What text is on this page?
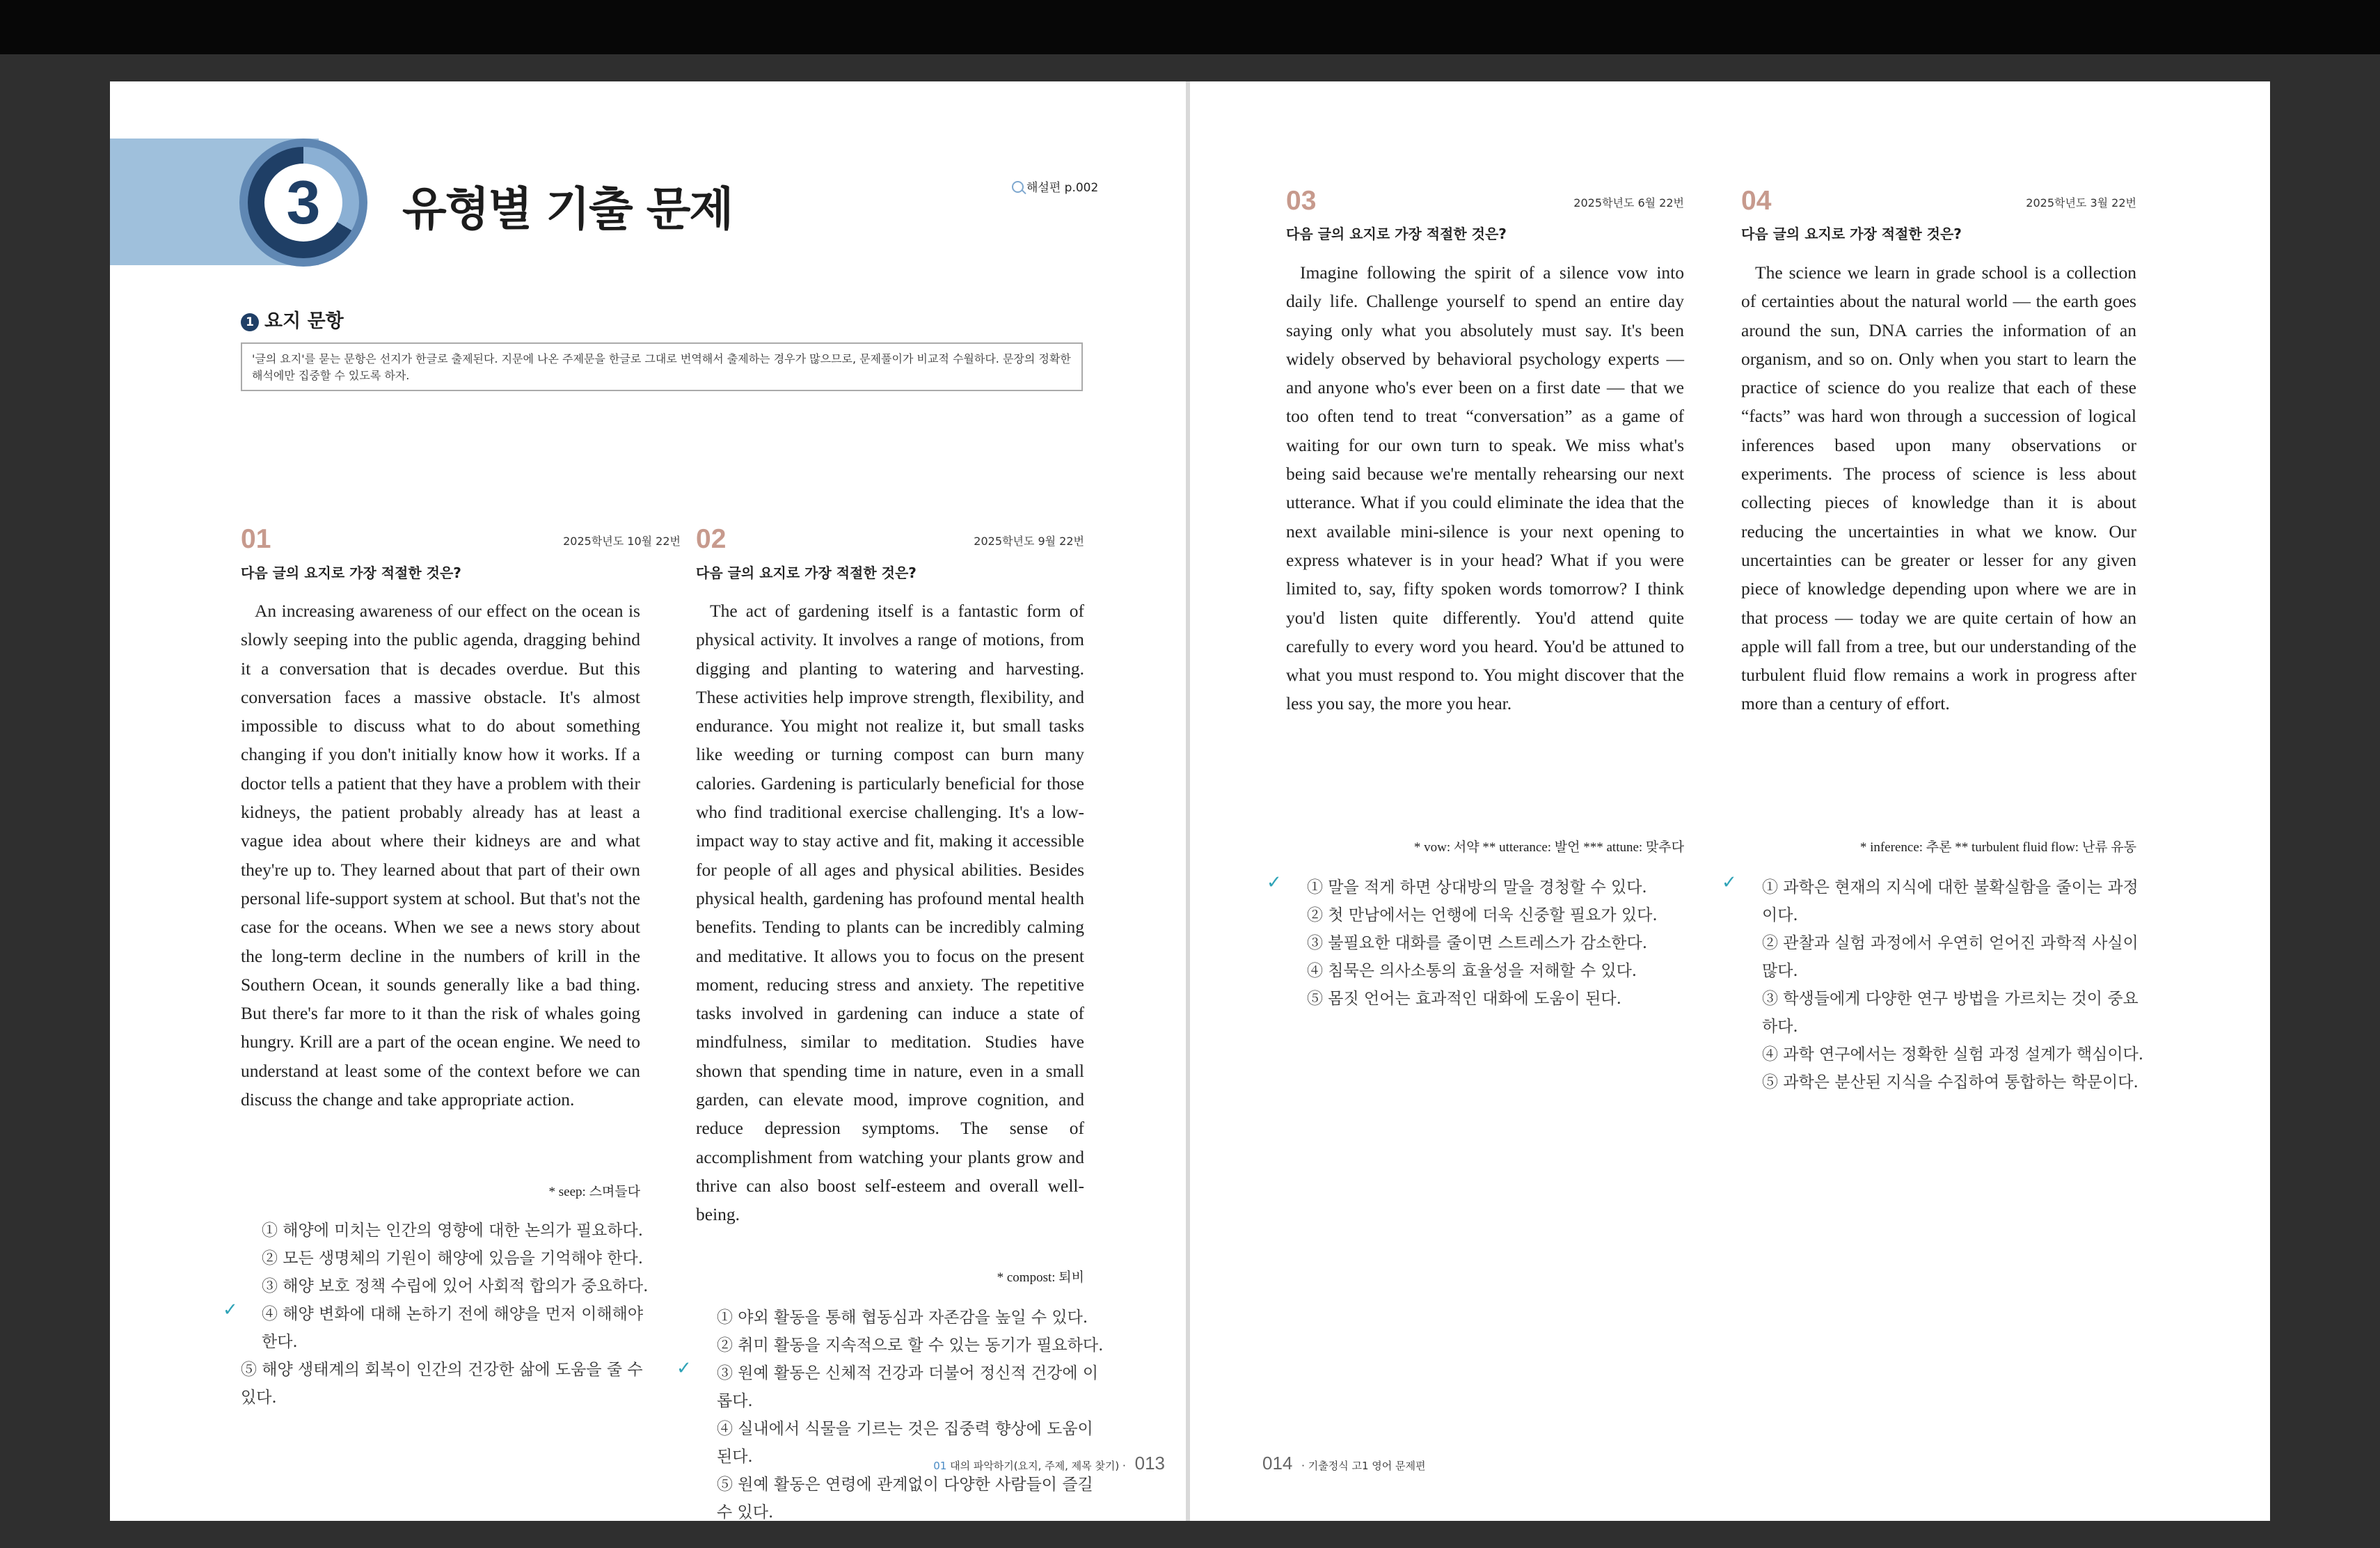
3	유형별 기출 문제	해설편 p.002
1 요지 문항
'글의 요지'를 묻는 문항은 선지가 한글로 출제된다. 지문에 나온 주제문을 한글로 그대로 번역해서 출제하는 경우가 많으므로, 문제풀이가 비교적 수월하다. 문장의 정확한 해석에만 집중할 수 있도록 하자.
01	2025학년도 10월 22번
다음 글의 요지로 가장 적절한 것은?

An increasing awareness of our effect on the ocean is slowly seeping into the public agenda, dragging behind it a conversation that is decades overdue. But this conversation faces a massive obstacle. It's almost impossible to discuss what to do about something changing if you don't initially know how it works. If a doctor tells a patient that they have a problem with their kidneys, the patient probably already has at least a vague idea about where their kidneys are and what they're up to. They learned about that part of their own personal life-support system at school. But that's not the case for the oceans. When we see a news story about the long-term decline in the numbers of krill in the Southern Ocean, it sounds generally like a bad thing. But there's far more to it than the risk of whales going hungry. Krill are a part of the ocean engine. We need to understand at least some of the context before we can discuss the change and take appropriate action.

* seep: 스며들다
① 해양에 미치는 인간의 영향에 대한 논의가 필요하다.
② 모든 생명체의 기원이 해양에 있음을 기억해야 한다.
③ 해양 보호 정책 수립에 있어 사회적 합의가 중요하다.
④ 해양 변화에 대해 논하기 전에 해양을 먼저 이해해야 한다.
⑤ 해양 생태계의 회복이 인간의 건강한 삶에 도움을 줄 수 있다.
✓
02	2025학년도 9월 22번
다음 글의 요지로 가장 적절한 것은?

The act of gardening itself is a fantastic form of physical activity. It involves a range of motions, from digging and planting to watering and harvesting. These activities help improve strength, flexibility, and endurance. You might not realize it, but small tasks like weeding or turning compost can burn many calories. Gardening is particularly beneficial for those who find traditional exercise challenging. It's a low-impact way to stay active and fit, making it accessible for people of all ages and physical abilities. Besides physical health, gardening has profound mental health benefits. Tending to plants can be incredibly calming and meditative. It allows you to focus on the present moment, reducing stress and anxiety. The repetitive tasks involved in gardening can induce a state of mindfulness, similar to meditation. Studies have shown that spending time in nature, even in a small garden, can elevate mood, improve cognition, and reduce depression symptoms. The sense of accomplishment from watching your plants grow and thrive can also boost self-esteem and overall well-being.

* compost: 퇴비
① 야외 활동을 통해 협동심과 자존감을 높일 수 있다.
② 취미 활동을 지속적으로 할 수 있는 동기가 필요하다.
③ 원예 활동은 신체적 건강과 더불어 정신적 건강에 이롭다.
④ 실내에서 식물을 기르는 것은 집중력 향상에 도움이 된다.
⑤ 원예 활동은 연령에 관계없이 다양한 사람들이 즐길 수 있다.
✓
01 대의 파악하기(요지, 주제, 제목 찾기) · 013
03	2025학년도 6월 22번
다음 글의 요지로 가장 적절한 것은?

Imagine following the spirit of a silence vow into daily life. Challenge yourself to spend an entire day saying only what you absolutely must say. It's been widely observed by behavioral psychology experts — and anyone who's ever been on a first date — that we too often tend to treat “conversation” as a game of waiting for our own turn to speak. We miss what's being said because we're mentally rehearsing our next utterance. What if you could eliminate the idea that the next available mini-silence is your next opening to express whatever is in your head? What if you were limited to, say, fifty spoken words tomorrow? I think you'd listen quite differently. You'd attend quite carefully to every word you heard. You'd be attuned to what you must respond to. You might discover that the less you say, the more you hear.

* vow: 서약 ** utterance: 발언 *** attune: 맞추다
① 말을 적게 하면 상대방의 말을 경청할 수 있다.
② 첫 만남에서는 언행에 더욱 신중할 필요가 있다.
③ 불필요한 대화를 줄이면 스트레스가 감소한다.
④ 침묵은 의사소통의 효율성을 저해할 수 있다.
⑤ 몸짓 언어는 효과적인 대화에 도움이 된다.
✓
04	2025학년도 3월 22번
다음 글의 요지로 가장 적절한 것은?

The science we learn in grade school is a collection of certainties about the natural world — the earth goes around the sun, DNA carries the information of an organism, and so on. Only when you start to learn the practice of science do you realize that each of these “facts” was hard won through a succession of logical inferences based upon many observations or experiments. The process of science is less about collecting pieces of knowledge than it is about reducing the uncertainties in what we know. Our uncertainties can be greater or lesser for any given piece of knowledge depending upon where we are in that process — today we are quite certain of how an apple will fall from a tree, but our understanding of the turbulent fluid flow remains a work in progress after more than a century of effort.

* inference: 추론 ** turbulent fluid flow: 난류 유동
① 과학은 현재의 지식에 대한 불확실함을 줄이는 과정이다.
② 관찰과 실험 과정에서 우연히 얻어진 과학적 사실이 많다.
③ 학생들에게 다양한 연구 방법을 가르치는 것이 중요하다.
④ 과학 연구에서는 정확한 실험 과정 설계가 핵심이다.
⑤ 과학은 분산된 지식을 수집하여 통합하는 학문이다.
✓
014 · 기출정식 고1 영어 문제편
